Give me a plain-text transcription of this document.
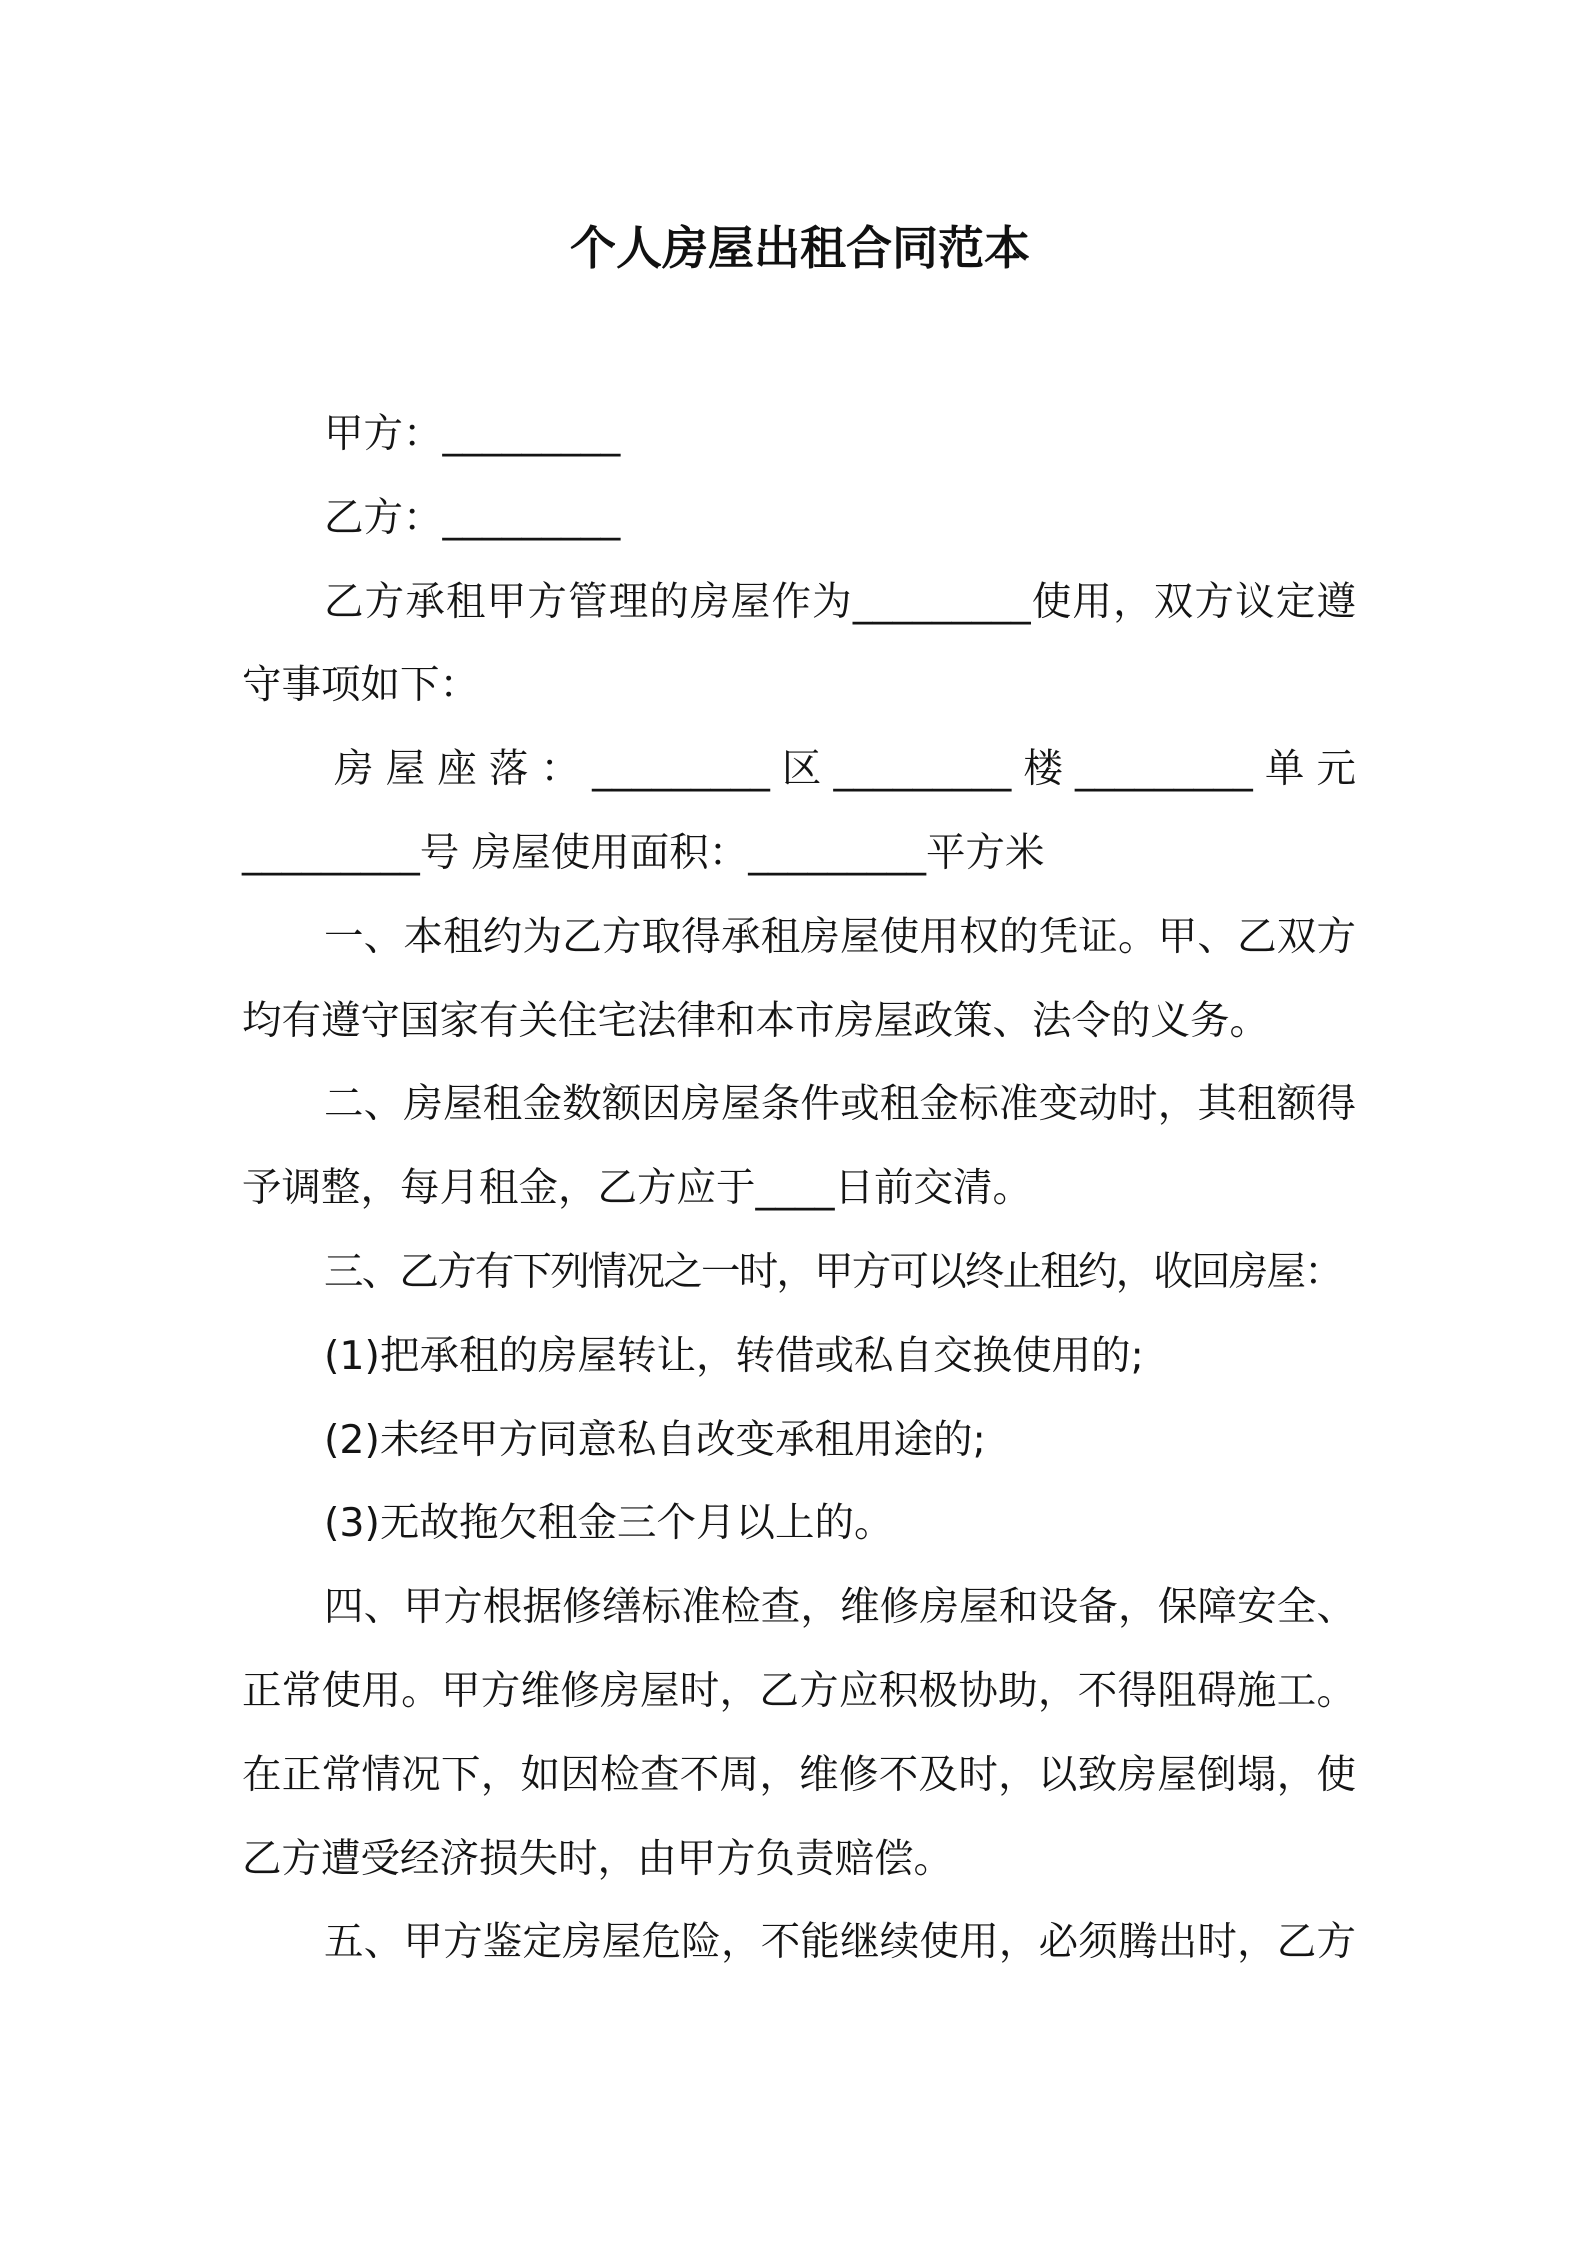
个人房屋出租合同范本
甲方：_________
乙方：_________
乙方承租甲方管理的房屋作为_________使用，双方议定遵
守事项如下：
房屋座落：_________区_________楼_________单元
_________号 房屋使用面积：_________平方米
一、本租约为乙方取得承租房屋使用权的凭证。甲、乙双方
均有遵守国家有关住宅法律和本市房屋政策、法令的义务。
二、房屋租金数额因房屋条件或租金标准变动时，其租额得
予调整，每月租金，乙方应于____日前交清。
三、乙方有下列情况之一时，甲方可以终止租约，收回房屋：
(1)把承租的房屋转让，转借或私自交换使用的;
(2)未经甲方同意私自改变承租用途的;
(3)无故拖欠租金三个月以上的。
四、甲方根据修缮标准检查，维修房屋和设备，保障安全、
正常使用。甲方维修房屋时，乙方应积极协助，不得阻碍施工。
在正常情况下，如因检查不周，维修不及时，以致房屋倒塌，使
乙方遭受经济损失时，由甲方负责赔偿。
五、甲方鉴定房屋危险，不能继续使用，必须腾出时，乙方
